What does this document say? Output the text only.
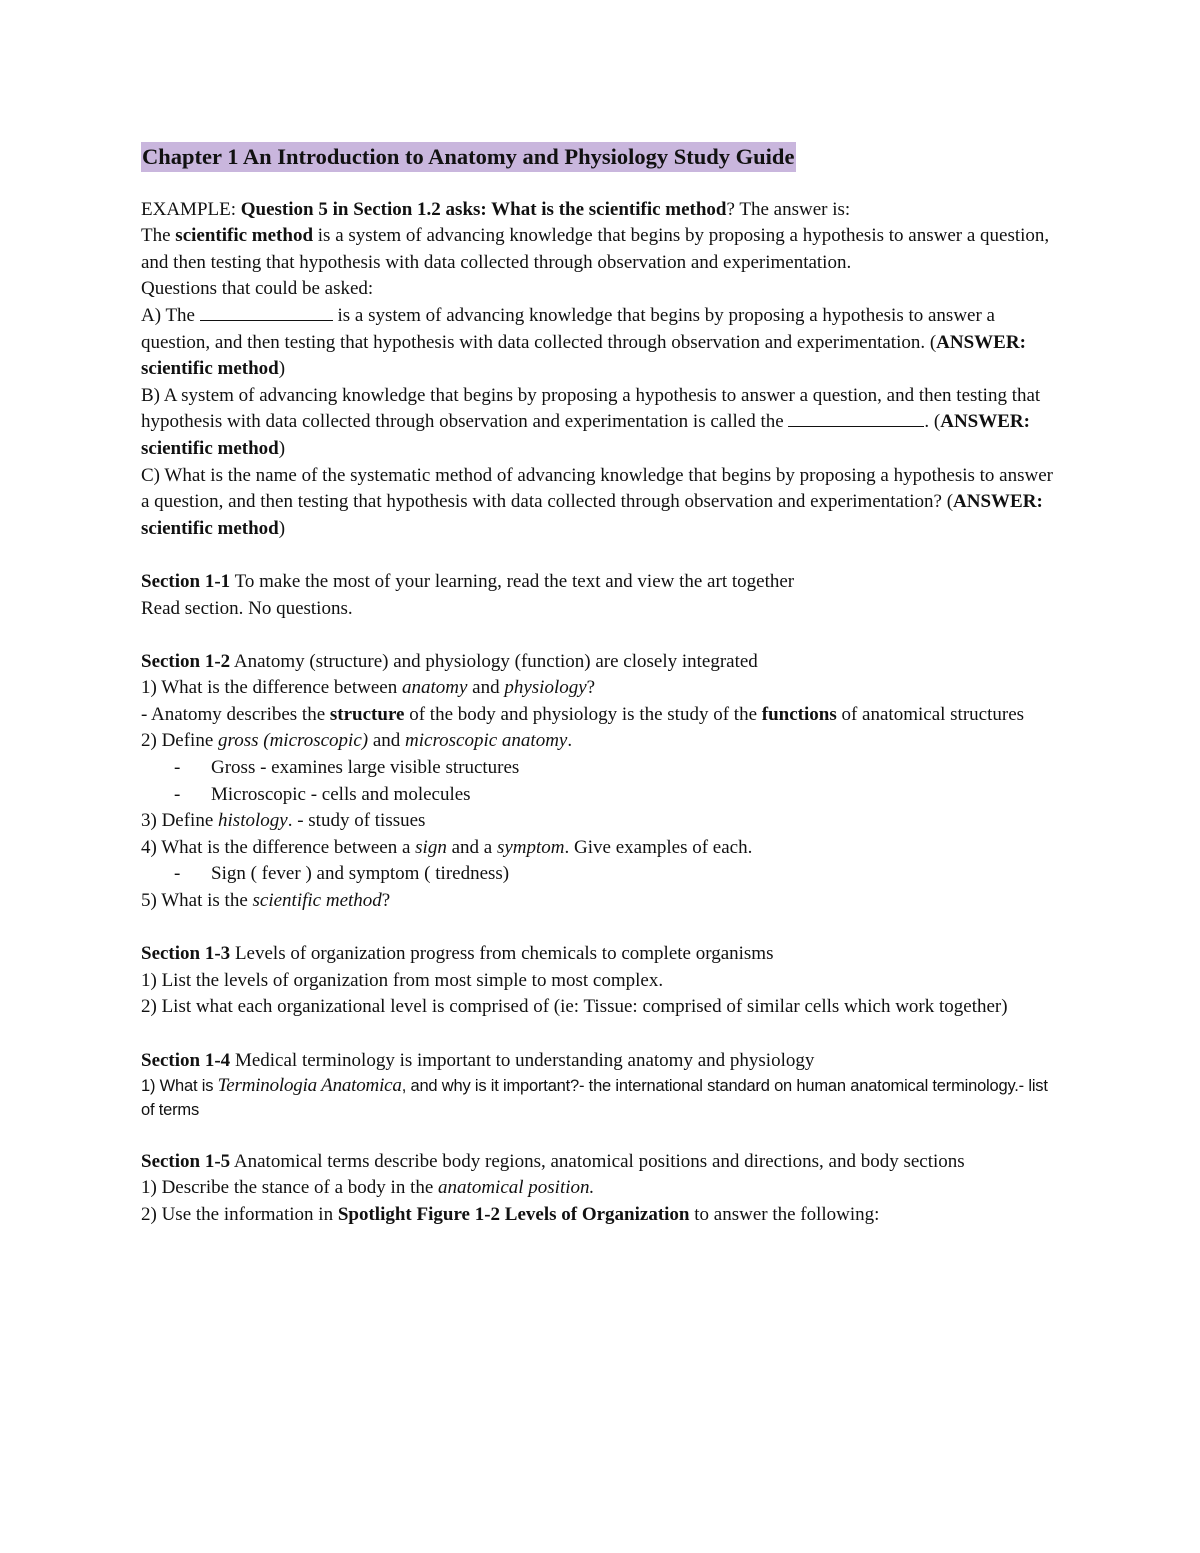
Chapter 1 An Introduction to Anatomy and Physiology Study Guide

EXAMPLE: Question 5 in Section 1.2 asks: What is the scientific method? The answer is:

The scientific method is a system of advancing knowledge that begins by proposing a hypothesis to answer a question, and then testing that hypothesis with data collected through observation and experimentation.

Questions that could be asked:

A) The	is a system of advancing knowledge that begins by proposing a hypothesis to answer a question, and then testing that hypothesis with data collected through observation and experimentation. (ANSWER: scientific method)

B) A system of advancing knowledge that begins by proposing a hypothesis to answer a question, and then testing that hypothesis with data collected through observation and experimentation is called the	. (ANSWER: scientific method)

C) What is the name of the systematic method of advancing knowledge that begins by proposing a hypothesis to answer a question, and then testing that hypothesis with data collected through observation and experimentation? (ANSWER: scientific method)

Section 1-1 To make the most of your learning, read the text and view the art together

Read section. No questions.

Section 1-2 Anatomy (structure) and physiology (function) are closely integrated

1) What is the difference between anatomy and physiology?

- Anatomy describes the structure of the body and physiology is the study of the functions of anatomical structures

2) Define gross (microscopic) and microscopic anatomy.

- Gross - examines large visible structures

- Microscopic - cells and molecules

3) Define histology. - study of tissues

4) What is the difference between a sign and a symptom. Give examples of each.

- Sign ( fever ) and symptom ( tiredness)

5) What is the scientific method?

Section 1-3 Levels of organization progress from chemicals to complete organisms

1) List the levels of organization from most simple to most complex.

2) List what each organizational level is comprised of (ie: Tissue: comprised of similar cells which work together)

Section 1-4 Medical terminology is important to understanding anatomy and physiology

1) What is Terminologia Anatomica, and why is it important?- the international standard on human anatomical terminology.- list of terms

Section 1-5 Anatomical terms describe body regions, anatomical positions and directions, and body sections

1) Describe the stance of a body in the anatomical position.

2) Use the information in Spotlight Figure 1-2 Levels of Organization to answer the following:
